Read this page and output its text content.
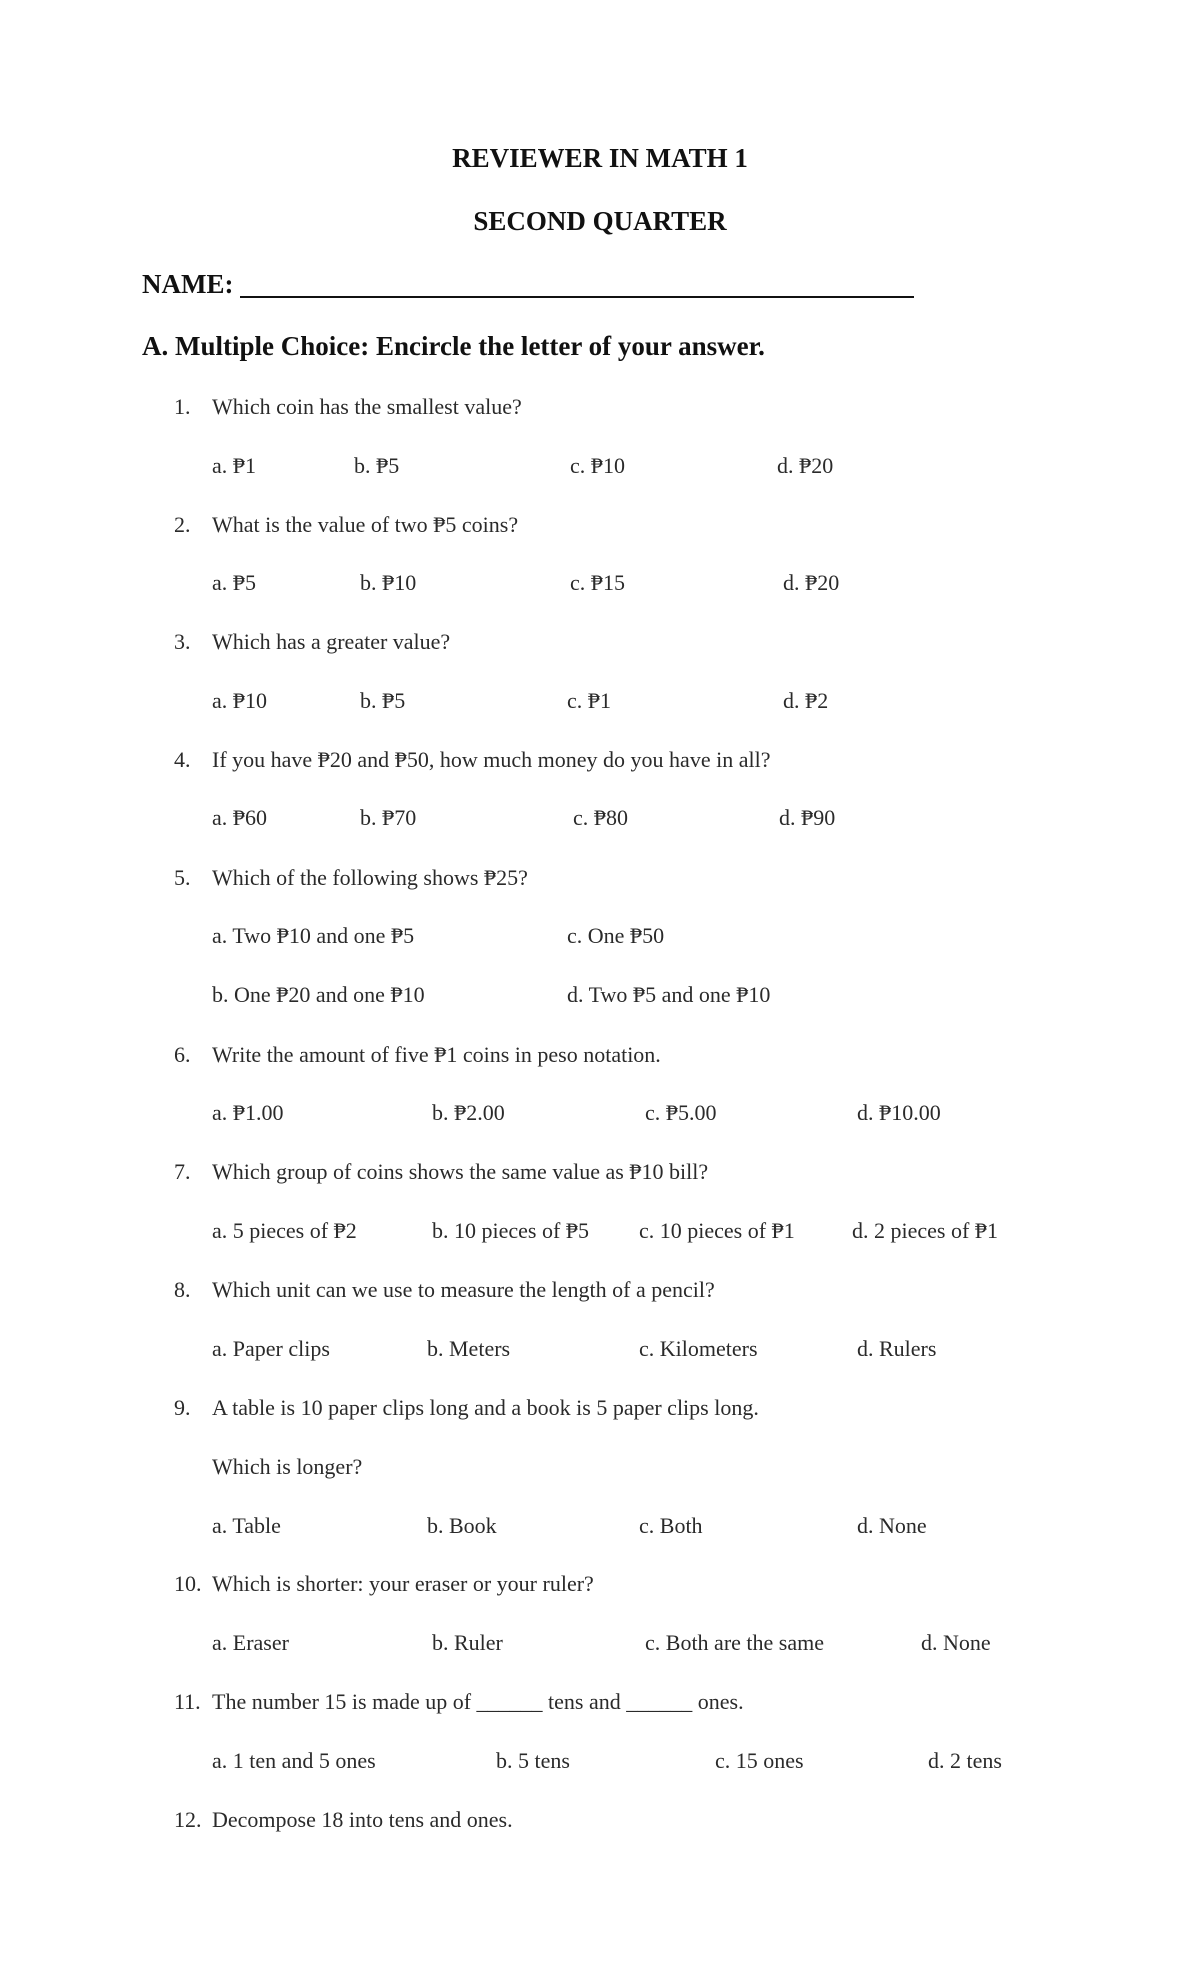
REVIEWER IN MATH 1
SECOND QUARTER
NAME:
A. Multiple Choice: Encircle the letter of your answer.
1. Which coin has the smallest value?
a. ₱1	b. ₱5	c. ₱10	d. ₱20
2. What is the value of two ₱5 coins?
a. ₱5	b. ₱10	c. ₱15	d. ₱20
3. Which has a greater value?
a. ₱10	b. ₱5	c. ₱1	d. ₱2
4. If you have ₱20 and ₱50, how much money do you have in all?
a. ₱60	b. ₱70	c. ₱80	d. ₱90
5. Which of the following shows ₱25?
a. Two ₱10 and one ₱5	c. One ₱50
b. One ₱20 and one ₱10	d. Two ₱5 and one ₱10
6. Write the amount of five ₱1 coins in peso notation.
a. ₱1.00	b. ₱2.00	c. ₱5.00	d. ₱10.00
7. Which group of coins shows the same value as ₱10 bill?
a. 5 pieces of ₱2	b. 10 pieces of ₱5 c. 10 pieces of ₱1	d. 2 pieces of ₱1
8. Which unit can we use to measure the length of a pencil?
a. Paper clips	b. Meters	c. Kilometers	d. Rulers
9. A table is 10 paper clips long and a book is 5 paper clips long.
Which is longer?
a. Table	b. Book	c. Both	d. None
10. Which is shorter: your eraser or your ruler?
a. Eraser	b. Ruler	c. Both are the same	d. None
11. The number 15 is made up of ______ tens and ______ ones.
a. 1 ten and 5 ones	b. 5 tens	c. 15 ones	d. 2 tens
12. Decompose 18 into tens and ones.
